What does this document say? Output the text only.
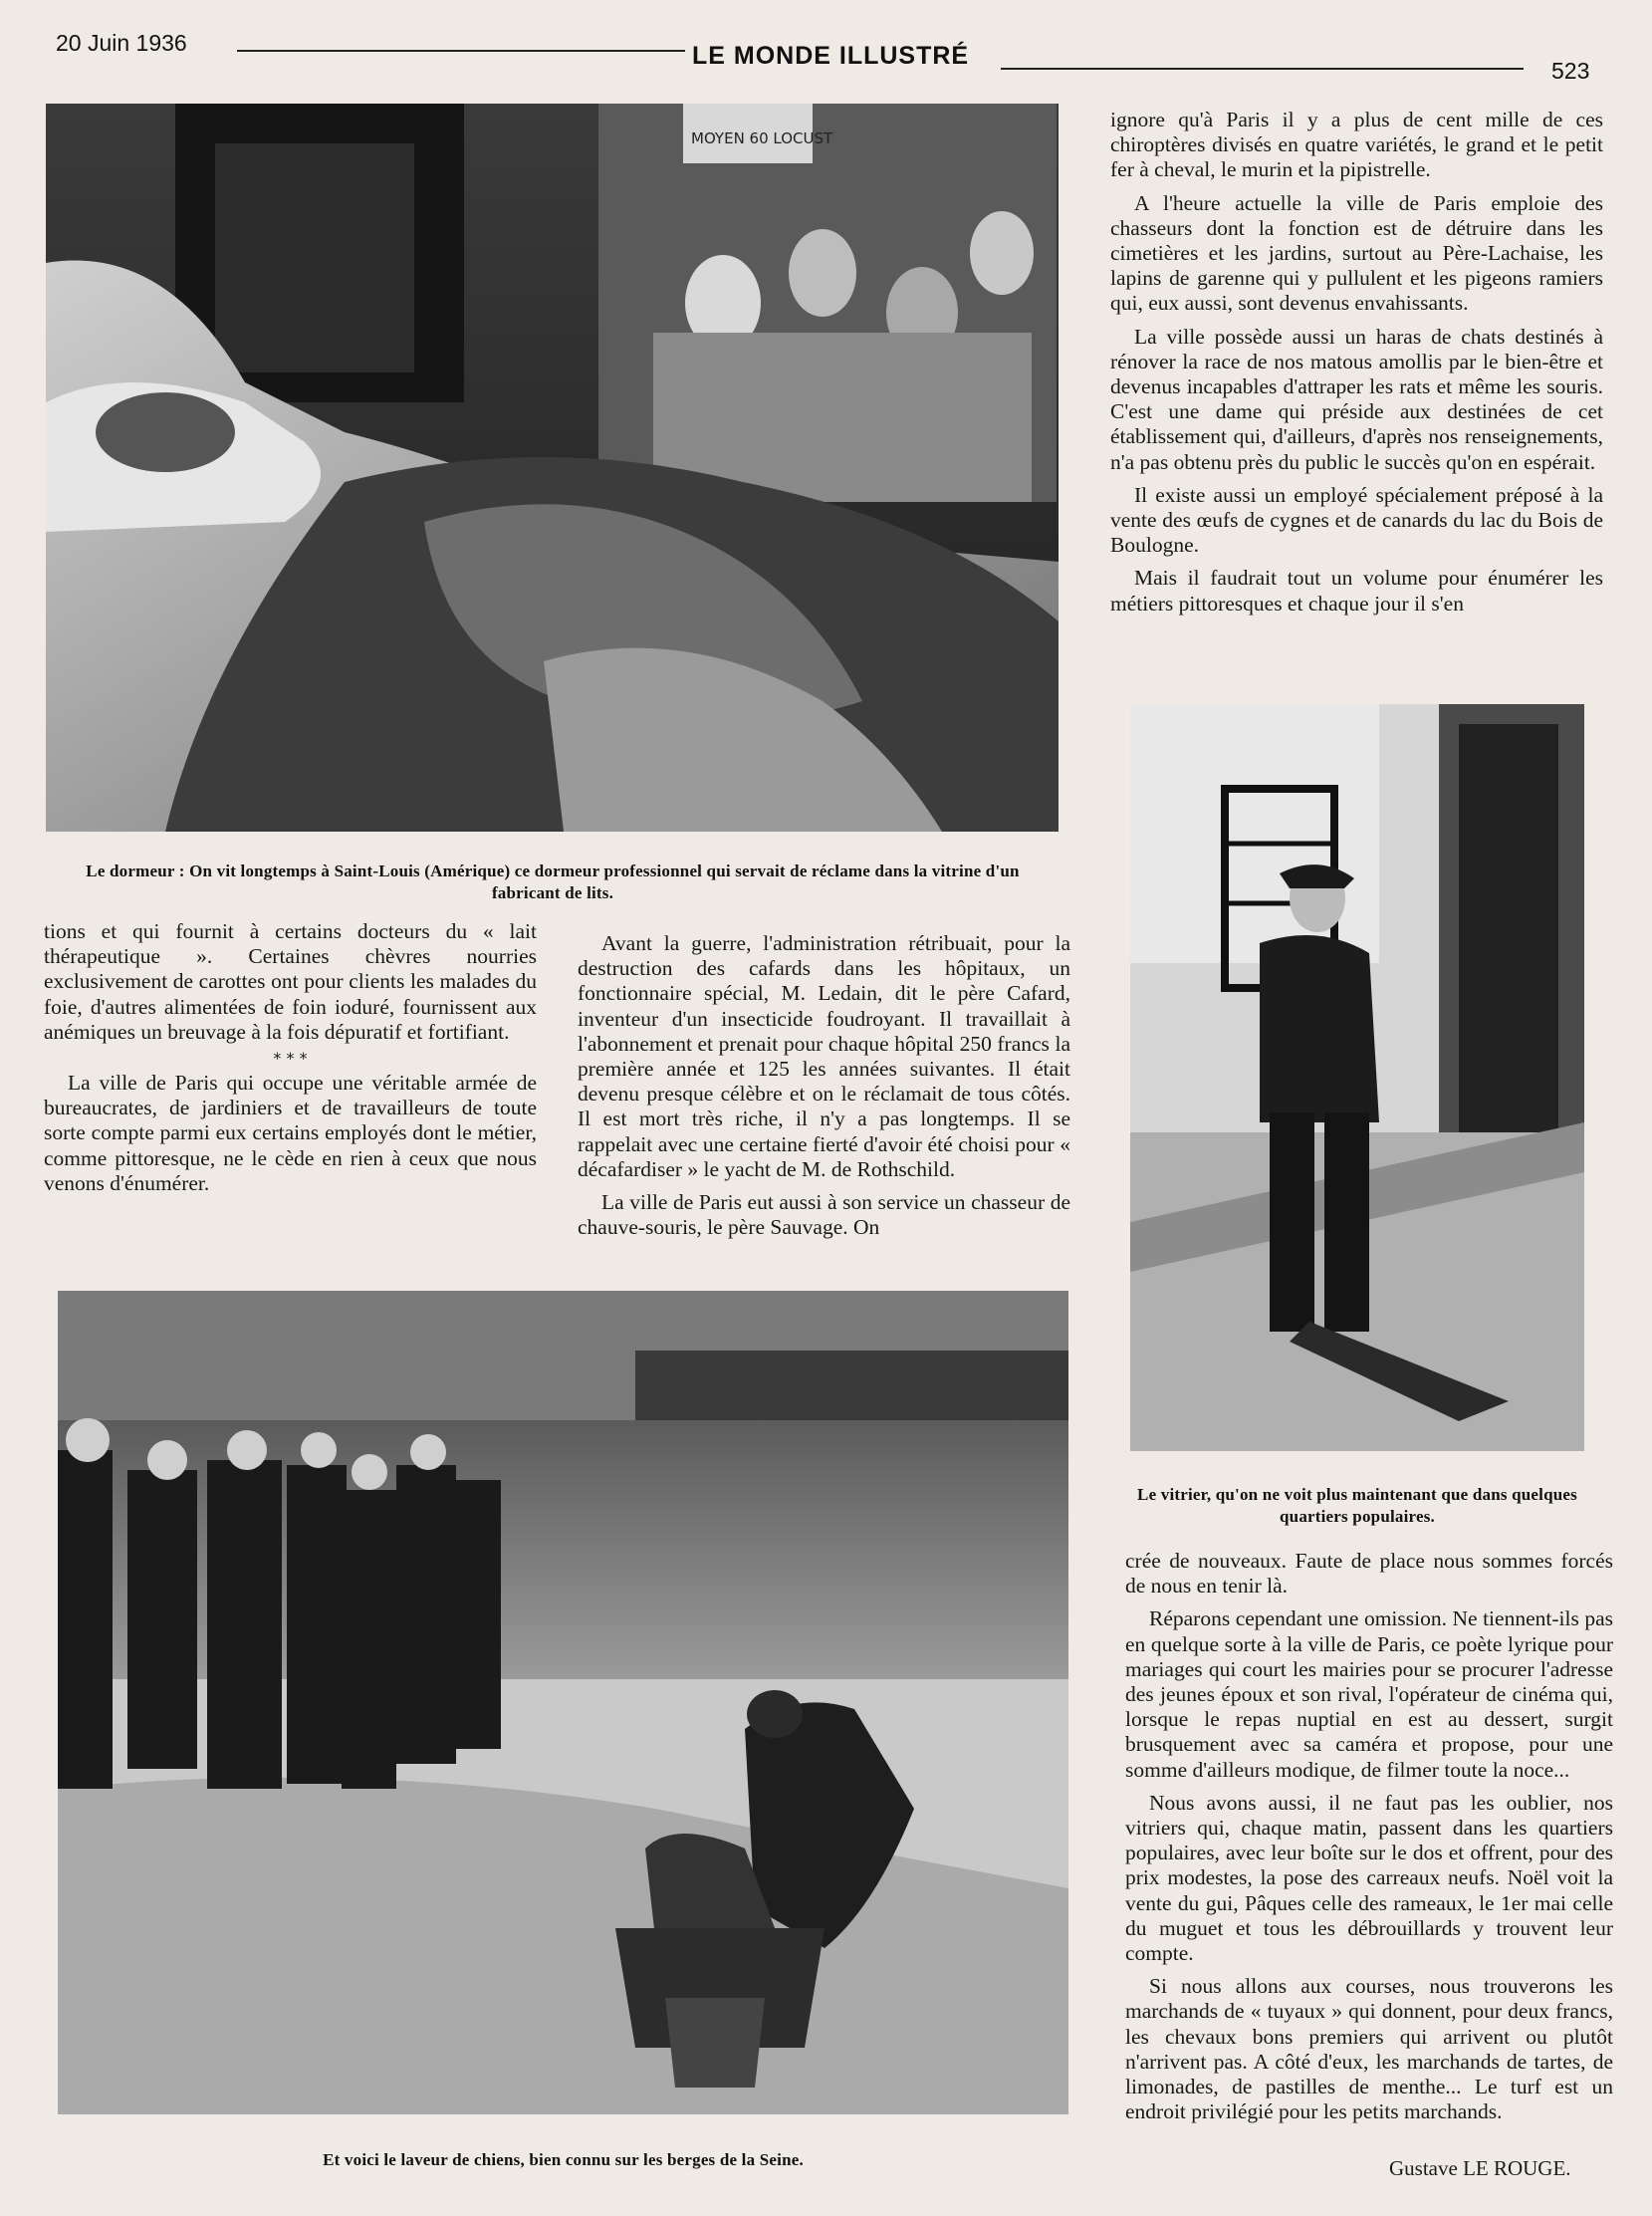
20 Juin 1936	LE MONDE ILLUSTRÉ
523
MOYEN 60 LOCUST
Le dormeur : On vit longtemps à Saint-Louis (Amérique) ce dormeur professionnel qui servait de réclame dans la vitrine d'un fabricant de lits.

ignore qu'à Paris il y a plus de cent mille de ces chiroptères divisés en quatre variétés, le grand et le petit fer à cheval, le murin et la pipistrelle.

A l'heure actuelle la ville de Paris emploie des chasseurs dont la fonction est de détruire dans les cimetières et les jardins, surtout au Père-Lachaise, les lapins de garenne qui y pullulent et les pigeons ramiers qui, eux aussi, sont devenus envahissants.

La ville possède aussi un haras de chats destinés à rénover la race de nos matous amollis par le bien-être et devenus incapables d'attraper les rats et même les souris. C'est une dame qui préside aux destinées de cet établissement qui, d'ailleurs, d'après nos renseignements, n'a pas obtenu près du public le succès qu'on en espérait.

Il existe aussi un employé spécialement préposé à la vente des œufs de cygnes et de canards du lac du Bois de Boulogne.

Mais il faudrait tout un volume pour énumérer les métiers pittoresques et chaque jour il s'en

Le vitrier, qu'on ne voit plus maintenant que dans quelques quartiers populaires.

tions et qui fournit à certains docteurs du « lait thérapeutique ». Certaines chèvres nourries exclusivement de carottes ont pour clients les malades du foie, d'autres alimentées de foin ioduré, fournissent aux anémiques un breuvage à la fois dépuratif et fortifiant.

* * *

La ville de Paris qui occupe une véritable armée de bureaucrates, de jardiniers et de travailleurs de toute sorte compte parmi eux certains employés dont le métier, comme pittoresque, ne le cède en rien à ceux que nous venons d'énumérer.

Avant la guerre, l'administration rétribuait, pour la destruction des cafards dans les hôpitaux, un fonctionnaire spécial, M. Ledain, dit le père Cafard, inventeur d'un insecticide foudroyant. Il travaillait à l'abonnement et prenait pour chaque hôpital 250 francs la première année et 125 les années suivantes. Il était devenu presque célèbre et on le réclamait de tous côtés. Il est mort très riche, il n'y a pas longtemps. Il se rappelait avec une certaine fierté d'avoir été choisi pour « décafardiser » le yacht de M. de Rothschild.

La ville de Paris eut aussi à son service un chasseur de chauve-souris, le père Sauvage. On

Et voici le laveur de chiens, bien connu sur les berges de la Seine.

crée de nouveaux. Faute de place nous sommes forcés de nous en tenir là.

Réparons cependant une omission. Ne tiennent-ils pas en quelque sorte à la ville de Paris, ce poète lyrique pour mariages qui court les mairies pour se procurer l'adresse des jeunes époux et son rival, l'opérateur de cinéma qui, lorsque le repas nuptial en est au dessert, surgit brusquement avec sa caméra et propose, pour une somme d'ailleurs modique, de filmer toute la noce...

Nous avons aussi, il ne faut pas les oublier, nos vitriers qui, chaque matin, passent dans les quartiers populaires, avec leur boîte sur le dos et offrent, pour des prix modestes, la pose des carreaux neufs. Noël voit la vente du gui, Pâques celle des rameaux, le 1er mai celle du muguet et tous les débrouillards y trouvent leur compte.

Si nous allons aux courses, nous trouverons les marchands de « tuyaux » qui donnent, pour deux francs, les chevaux bons premiers qui arrivent ou plutôt n'arrivent pas. A côté d'eux, les marchands de tartes, de limonades, de pastilles de menthe... Le turf est un endroit privilégié pour les petits marchands.

Gustave LE ROUGE.
